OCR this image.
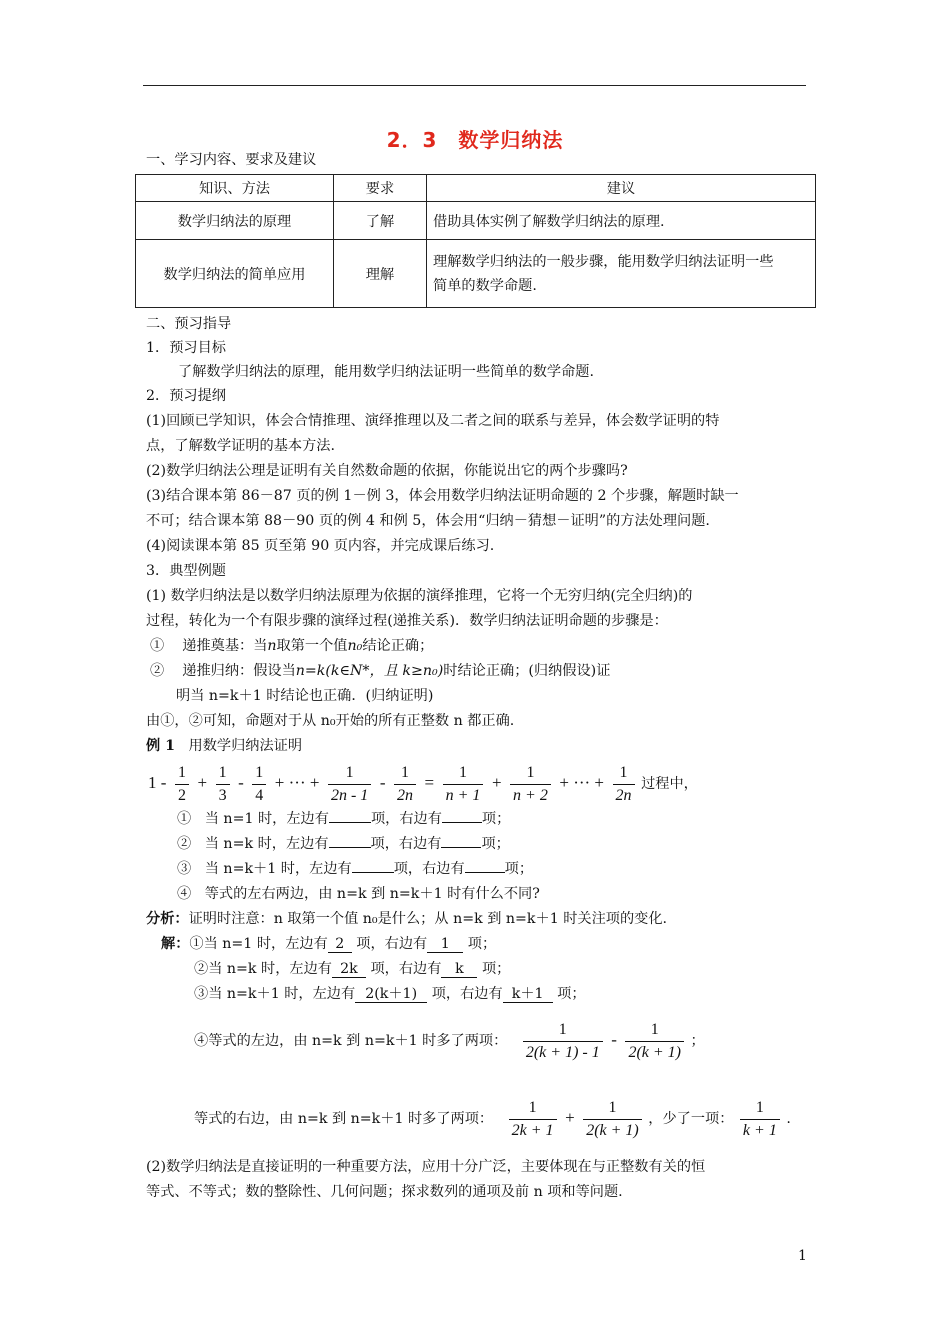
2．3　数学归纳法
一、学习内容、要求及建议
知识、方法	要求	建议
数学归纳法的原理	了解	借助具体实例了解数学归纳法的原理.
数学归纳法的简单应用	理解	理解数学归纳法的一般步骤，能用数学归纳法证明一些
简单的数学命题.
二、预习指导
1．预习目标
了解数学归纳法的原理，能用数学归纳法证明一些简单的数学命题.
2．预习提纲
(1)回顾已学知识，体会合情推理、演绎推理以及二者之间的联系与差异，体会数学证明的特
点，了解数学证明的基本方法.
(2)数学归纳法公理是证明有关自然数命题的依据，你能说出它的两个步骤吗?
(3)结合课本第 86－87 页的例 1－例 3，体会用数学归纳法证明命题的 2 个步骤，解题时缺一
不可；结合课本第 88－90 页的例 4 和例 5，体会用“归纳－猜想－证明”的方法处理问题.
(4)阅读课本第 85 页至第 90 页内容，并完成课后练习.
3．典型例题
(1) 数学归纳法是以数学归纳法原理为依据的演绎推理，它将一个无穷归纳(完全归纳)的
过程，转化为一个有限步骤的演绎过程(递推关系)．数学归纳法证明命题的步骤是：
① 递推奠基：当n取第一个值n₀结论正确；
② 递推归纳：假设当n=k(k∈N*，且 k≥n₀)时结论正确；(归纳假设)证
明当 n=k＋1 时结论也正确．(归纳证明)
由①，②可知，命题对于从 n₀开始的所有正整数 n 都正确.
例 1 用数学归纳法证明
$1 - \frac{1}{2} + \frac{1}{3} - \frac{1}{4}$ + ··· + $\frac{1}{2n - 1} - \frac{1}{2n} = \frac{1}{n + 1} + \frac{1}{n + 2}$ + ··· + $\frac{1}{2n}$ 过程中，
① 当 n=1 时，左边有	项，右边有	项；
② 当 n=k 时，左边有	项，右边有	项；
③ 当 n=k＋1 时，左边有	项，右边有	项；
④ 等式的左右两边，由 n=k 到 n=k＋1 时有什么不同?
分析：证明时注意：n 取第一个值 n₀是什么；从 n=k 到 n=k＋1 时关注项的变化.
解：①当 n=1 时，左边有 2 项，右边有 1 项；
②当 n=k 时，左边有 2k 项，右边有 k 项；
③当 n=k＋1 时，左边有 2(k＋1) 项，右边有 k＋1 项；
④等式的左边，由 n=k 到 n=k＋1 时多了两项： $\frac{1}{2(k + 1) - 1} - \frac{1}{2(k + 1)}$ ；
等式的右边，由 n=k 到 n=k＋1 时多了两项： $\frac{1}{2k + 1} + \frac{1}{2(k + 1)}$ ，少了一项： $\frac{1}{k + 1}$ .
(2)数学归纳法是直接证明的一种重要方法，应用十分广泛，主要体现在与正整数有关的恒
等式、不等式；数的整除性、几何问题；探求数列的通项及前 n 项和等问题.
1
